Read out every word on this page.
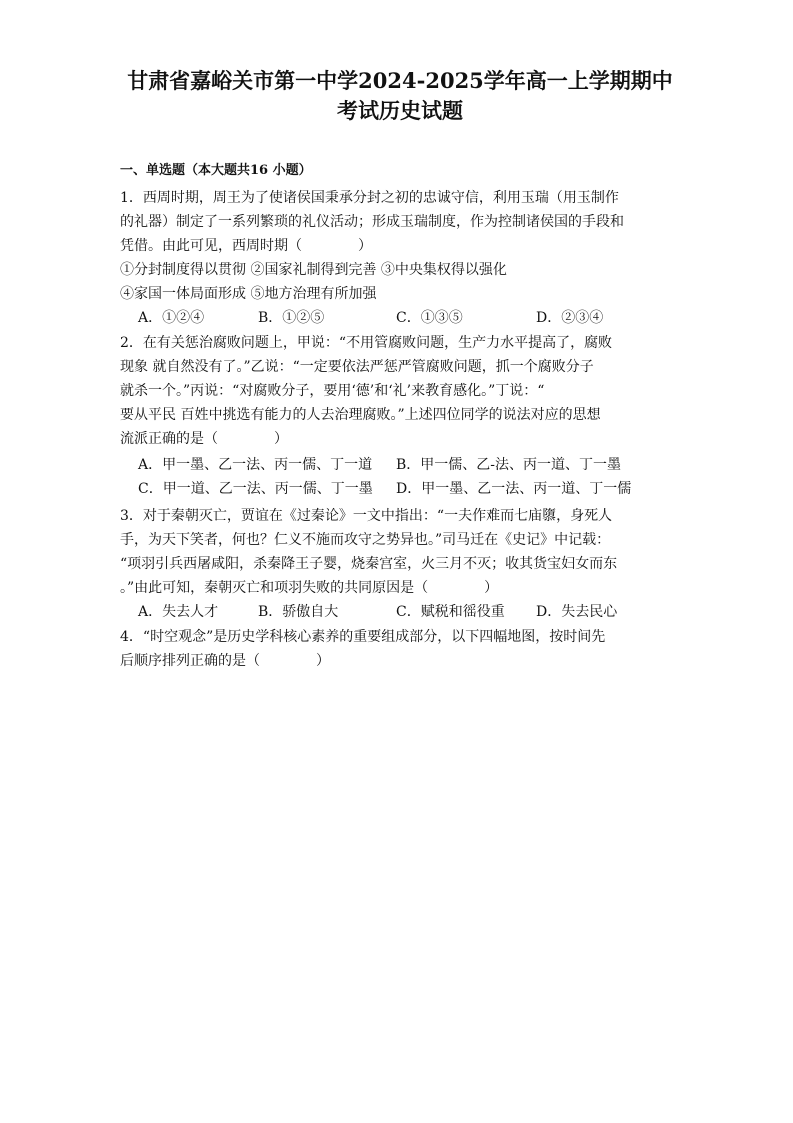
甘肃省嘉峪关市第一中学2024-2025学年高一上学期期中
考试历史试题
一、单选题（本大题共16 小题）
1．西周时期，周王为了使诸侯国秉承分封之初的忠诚守信，利用玉瑞（用玉制作
的礼器）制定了一系列繁琐的礼仪活动；形成玉瑞制度，作为控制诸侯国的手段和
凭借。由此可见，西周时期（　　　　）
①分封制度得以贯彻 ②国家礼制得到完善 ③中央集权得以强化
④家国一体局面形成 ⑤地方治理有所加强
A．①②④	B．①②⑤	C．①③⑤	D．②③④
2．在有关惩治腐败问题上，甲说：“不用管腐败问题，生产力水平提高了，腐败
现象 就自然没有了。”乙说：“一定要依法严惩严管腐败问题，抓一个腐败分子
就杀一个。”丙说：“对腐败分子，要用‘德’和‘礼’来教育感化。”丁说：“
要从平民 百姓中挑选有能力的人去治理腐败。”上述四位同学的说法对应的思想
流派正确的是（　　　　）
A．甲一墨、乙一法、丙一儒、丁一道 B．甲一儒、乙-法、丙一道、丁一墨
C．甲一道、乙一法、丙一儒、丁一墨 D．甲一墨、乙一法、丙一道、丁一儒
3．对于秦朝灭亡，贾谊在《过秦论》一文中指出：“一夫作难而七庙隳，身死人
手，为天下笑者，何也？仁义不施而攻守之势异也。”司马迁在《史记》中记载：
“项羽引兵西屠咸阳，杀秦降王子婴，烧秦宫室，火三月不灭；收其货宝妇女而东
。”由此可知，秦朝灭亡和项羽失败的共同原因是（　　　　）
A．失去人才	B．骄傲自大	C．赋税和徭役重 D．失去民心
4．“时空观念”是历史学科核心素养的重要组成部分，以下四幅地图，按时间先
后顺序排列正确的是（　　　　）
